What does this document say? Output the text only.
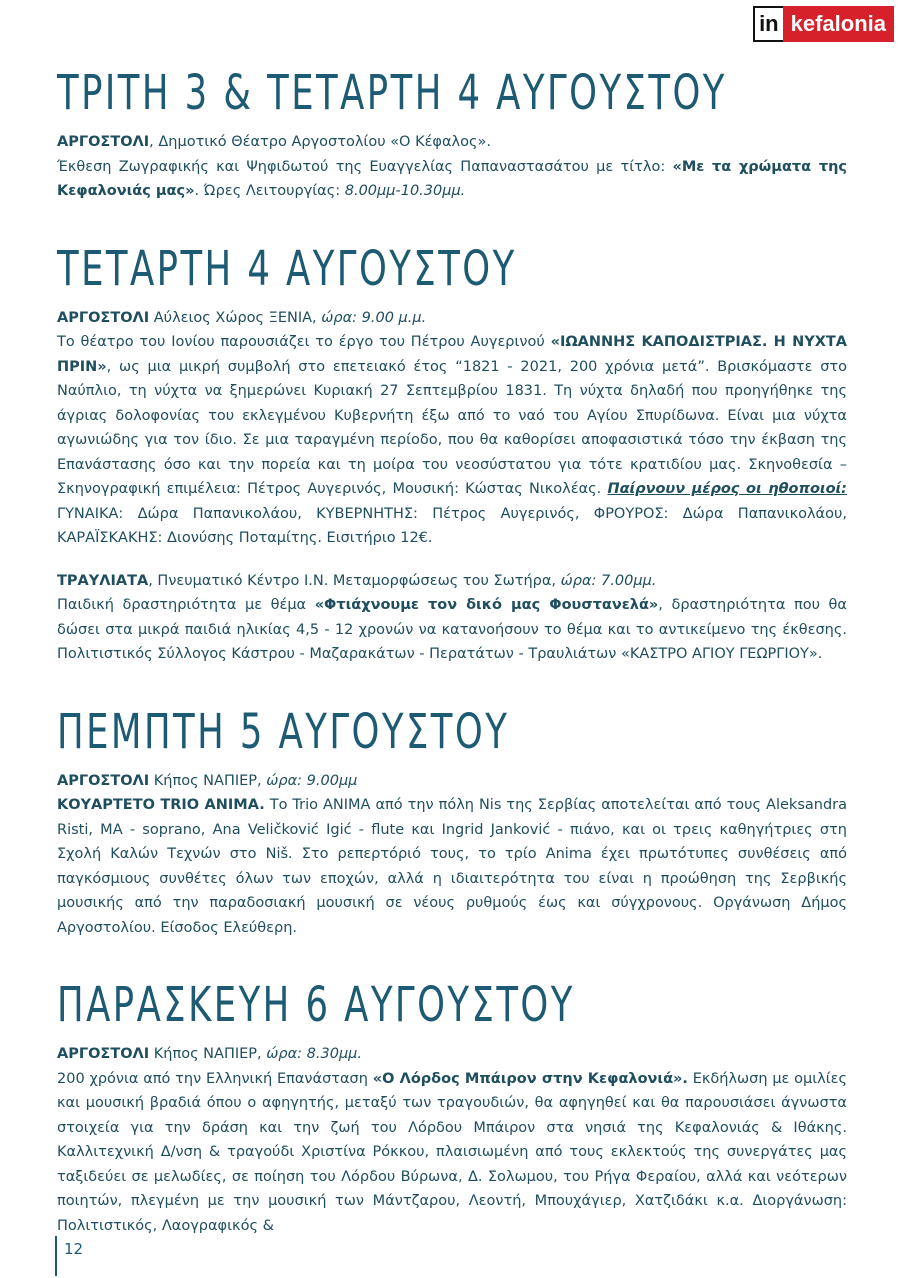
in kefalonia
ΤΡΙΤΗ 3 & ΤΕΤΑΡΤΗ 4 ΑΥΓΟΥΣΤΟΥ

ΑΡΓΟΣΤΟΛΙ, Δημοτικό Θέατρο Αργοστολίου «Ο Κέφαλος».

Έκθεση Ζωγραφικής και Ψηφιδωτού της Ευαγγελίας Παπαναστασάτου με τίτλο: «Με τα χρώματα της Κεφαλονιάς μας». Ώρες Λειτουργίας: 8.00μμ-10.30μμ.

ΤΕΤΑΡΤΗ 4 ΑΥΓΟΥΣΤΟΥ

ΑΡΓΟΣΤΟΛΙ Αύλειος Χώρος ΞΕΝΙΑ, ώρα: 9.00 μ.μ.

Το θέατρο του Ιονίου παρουσιάζει το έργο του Πέτρου Αυγερινού «ΙΩΑΝΝΗΣ ΚΑΠΟΔΙΣΤΡΙΑΣ. Η ΝΥΧΤΑ ΠΡΙΝ», ως μια μικρή συμβολή στο επετειακό έτος “1821 - 2021, 200 χρόνια μετά”. Βρισκόμαστε στο Ναύπλιο, τη νύχτα να ξημερώνει Κυριακή 27 Σεπτεμβρίου 1831. Τη νύχτα δηλαδή που προηγήθηκε της άγριας δολοφονίας του εκλεγμένου Κυβερνήτη έξω από το ναό του Αγίου Σπυρίδωνα. Είναι μια νύχτα αγωνιώδης για τον ίδιο. Σε μια ταραγμένη περίοδο, που θα καθορίσει αποφασιστικά τόσο την έκβαση της Επανάστασης όσο και την πορεία και τη μοίρα του νεοσύστατου για τότε κρατιδίου μας. Σκηνοθεσία – Σκηνογραφική επιμέλεια: Πέτρος Αυγερινός, Μουσική: Κώστας Νικολέας. Παίρνουν μέρος οι ηθοποιοί: ΓΥΝΑΙΚΑ: Δώρα Παπανικολάου, ΚΥΒΕΡΝΗΤΗΣ: Πέτρος Αυγερινός, ΦΡΟΥΡΟΣ: Δώρα Παπανικολάου, ΚΑΡΑΪΣΚΑΚΗΣ: Διονύσης Ποταμίτης. Εισιτήριο 12€.

ΤΡΑΥΛΙΑΤΑ, Πνευματικό Κέντρο Ι.Ν. Μεταμορφώσεως του Σωτήρα, ώρα: 7.00μμ.

Παιδική δραστηριότητα με θέμα «Φτιάχνουμε τον δικό μας Φουστανελά», δραστηριότητα που θα δώσει στα μικρά παιδιά ηλικίας 4,5 - 12 χρονών να κατανοήσουν το θέμα και το αντικείμενο της έκθεσης. Πολιτιστικός Σύλλογος Κάστρου - Μαζαρακάτων - Περατάτων - Τραυλιάτων «ΚΑΣΤΡΟ ΑΓΙΟΥ ΓΕΩΡΓΙΟΥ».

ΠΕΜΠΤΗ 5 ΑΥΓΟΥΣΤΟΥ

ΑΡΓΟΣΤΟΛΙ Κήπος ΝΑΠΙΕΡ, ώρα: 9.00μμ

ΚΟΥΑΡΤΕΤΟ TRIO ANIMA. Το Trio ANIMA από την πόλη Nis της Σερβίας αποτελείται από τους Aleksandra Risti, MA - soprano, Ana Veličković Igić - flute και Ingrid Janković - πιάνο, και οι τρεις καθηγήτριες στη Σχολή Καλών Τεχνών στο Niš. Στο ρεπερτόριό τους, το τρίο Anima έχει πρωτότυπες συνθέσεις από παγκόσμιους συνθέτες όλων των εποχών, αλλά η ιδιαιτερότητα του είναι η προώθηση της Σερβικής μουσικής από την παραδοσιακή μουσική σε νέους ρυθμούς έως και σύγχρονους. Οργάνωση Δήμος Αργοστολίου. Είσοδος Ελεύθερη.

ΠΑΡΑΣΚΕΥΗ 6 ΑΥΓΟΥΣΤΟΥ

ΑΡΓΟΣΤΟΛΙ Κήπος ΝΑΠΙΕΡ, ώρα: 8.30μμ.

200 χρόνια από την Ελληνική Επανάσταση «Ο Λόρδος Μπάιρον στην Κεφαλονιά». Εκδήλωση με ομιλίες και μουσική βραδιά όπου ο αφηγητής, μεταξύ των τραγουδιών, θα αφηγηθεί και θα παρουσιάσει άγνωστα στοιχεία για την δράση και την ζωή του Λόρδου Μπάιρον στα νησιά της Κεφαλονιάς & Ιθάκης. Καλλιτεχνική Δ/νση & τραγούδι Χριστίνα Ρόκκου, πλαισιωμένη από τους εκλεκτούς της συνεργάτες μας ταξιδεύει σε μελωδίες, σε ποίηση του Λόρδου Βύρωνα, Δ. Σολωμου, του Ρήγα Φεραίου, αλλά και νεότερων ποιητών, πλεγμένη με την μουσική των Μάντζαρου, Λεοντή, Μπουχάγιερ, Χατζιδάκι κ.α. Διοργάνωση: Πολιτιστικός, Λαογραφικός &

12
